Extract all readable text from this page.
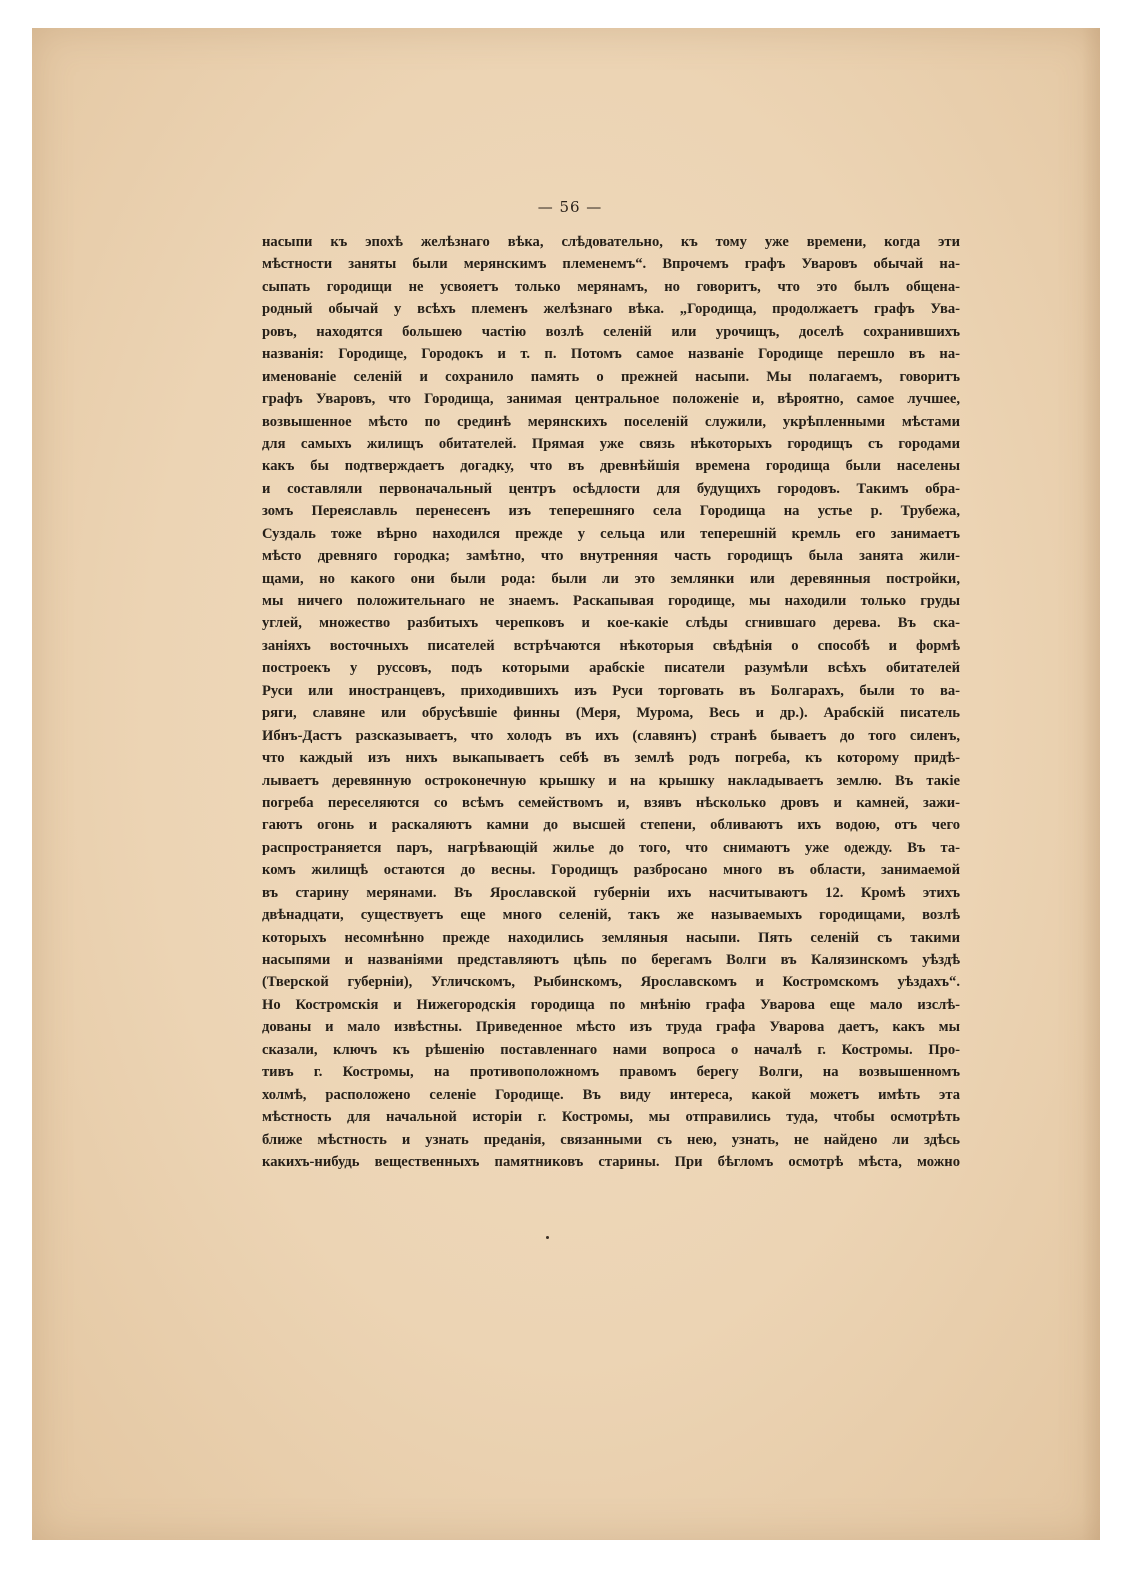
— 56 —
насыпи къ эпохѣ желѣзнаго вѣка, слѣдовательно, къ тому уже времени, когда эти
мѣстности заняты были мерянскимъ племенемъ“. Впрочемъ графъ Уваровъ обычай на-
сыпать городищи не усвояетъ только мерянамъ, но говоритъ, что это былъ общена-
родный обычай у всѣхъ племенъ желѣзнаго вѣка. „Городища, продолжаетъ графъ Ува-
ровъ, находятся большею частію возлѣ селеній или урочищъ, доселѣ сохранившихъ
названія: Городище, Городокъ и т. п. Потомъ самое названіе Городище перешло въ на-
именованіе селеній и сохранило память о прежней насыпи. Мы полагаемъ, говоритъ
графъ Уваровъ, что Городища, занимая центральное положеніе и, вѣроятно, самое лучшее,
возвышенное мѣсто по срединѣ мерянскихъ поселеній служили, укрѣпленными мѣстами
для самыхъ жилищъ обитателей. Прямая уже связь нѣкоторыхъ городищъ съ городами
какъ бы подтверждаетъ догадку, что въ древнѣйшія времена городища были населены
и составляли первоначальный центръ осѣдлости для будущихъ городовъ. Такимъ обра-
зомъ Переяславль перенесенъ изъ теперешняго села Городища на устье р. Трубежа,
Суздаль тоже вѣрно находился прежде у сельца или теперешній кремль его занимаетъ
мѣсто древняго городка; замѣтно, что внутренняя часть городищъ была занята жили-
щами, но какого они были рода: были ли это землянки или деревянныя постройки,
мы ничего положительнаго не знаемъ. Раскапывая городище, мы находили только груды
углей, множество разбитыхъ черепковъ и кое-какіе слѣды сгнившаго дерева. Въ ска-
заніяхъ восточныхъ писателей встрѣчаются нѣкоторыя свѣдѣнія о способѣ и формѣ
построекъ у руссовъ, подъ которыми арабскіе писатели разумѣли всѣхъ обитателей
Руси или иностранцевъ, приходившихъ изъ Руси торговать въ Болгарахъ, были то ва-
ряги, славяне или обрусѣвшіе финны (Меря, Мурома, Весь и др.). Арабскій писатель
Ибнъ-Дастъ разсказываетъ, что холодъ въ ихъ (славянъ) странѣ бываетъ до того силенъ,
что каждый изъ нихъ выкапываетъ себѣ въ землѣ родъ погреба, къ которому придѣ-
лываетъ деревянную остроконечную крышку и на крышку накладываетъ землю. Въ такіе
погреба переселяются со всѣмъ семействомъ и, взявъ нѣсколько дровъ и камней, зажи-
гаютъ огонь и раскаляютъ камни до высшей степени, обливаютъ ихъ водою, отъ чего
распространяется паръ, нагрѣвающій жилье до того, что снимаютъ уже одежду. Въ та-
комъ жилищѣ остаются до весны. Городищъ разбросано много въ области, занимаемой
въ старину мерянами. Въ Ярославской губерніи ихъ насчитываютъ 12. Кромѣ этихъ
двѣнадцати, существуетъ еще много селеній, такъ же называемыхъ городищами, возлѣ
которыхъ несомнѣнно прежде находились земляныя насыпи. Пять селеній съ такими
насыпями и названіями представляютъ цѣпь по берегамъ Волги въ Калязинскомъ уѣздѣ
(Тверской губерніи), Угличскомъ, Рыбинскомъ, Ярославскомъ и Костромскомъ уѣздахъ“.
Но Костромскія и Нижегородскія городища по мнѣнію графа Уварова еще мало изслѣ-
дованы и мало извѣстны. Приведенное мѣсто изъ труда графа Уварова даетъ, какъ мы
сказали, ключъ къ рѣшенію поставленнаго нами вопроса о началѣ г. Костромы. Про-
тивъ г. Костромы, на противоположномъ правомъ берегу Волги, на возвышенномъ
холмѣ, расположено селеніе Городище. Въ виду интереса, какой можетъ имѣть эта
мѣстность для начальной исторіи г. Костромы, мы отправились туда, чтобы осмотрѣть
ближе мѣстность и узнать преданія, связанными съ нею, узнать, не найдено ли здѣсь
какихъ-нибудь вещественныхъ памятниковъ старины. При бѣгломъ осмотрѣ мѣста, можно
